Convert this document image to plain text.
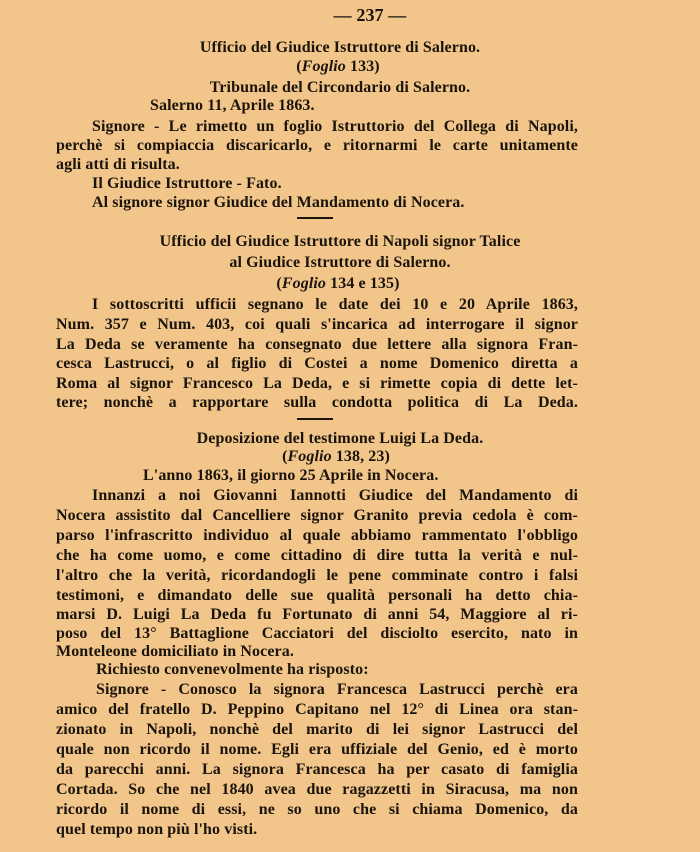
— 237 —
Ufficio del Giudice Istruttore di Salerno.
(Foglio 133)
Tribunale del Circondario di Salerno.
Salerno 11, Aprile 1863.
Signore - Le rimetto un foglio Istruttorio del Collega di Napoli,
perchè si compiaccia discaricarlo, e ritornarmi le carte unitamente
agli atti di risulta.
Il Giudice Istruttore - Fato.
Al signore signor Giudice del Mandamento di Nocera.
Ufficio del Giudice Istruttore di Napoli signor Talice
al Giudice Istruttore di Salerno.
(Foglio 134 e 135)
I sottoscritti ufficii segnano le date dei 10 e 20 Aprile 1863,
Num. 357 e Num. 403, coi quali s'incarica ad interrogare il signor
La Deda se veramente ha consegnato due lettere alla signora Fran-
cesca Lastrucci, o al figlio di Costei a nome Domenico diretta a
Roma al signor Francesco La Deda, e si rimette copia di dette let-
tere; nonchè a rapportare sulla condotta politica di La Deda.
Deposizione del testimone Luigi La Deda.
(Foglio 138, 23)
L'anno 1863, il giorno 25 Aprile in Nocera.
Innanzi a noi Giovanni Iannotti Giudice del Mandamento di
Nocera assistito dal Cancelliere signor Granito previa cedola è com-
parso l'infrascritto individuo al quale abbiamo rammentato l'obbligo
che ha come uomo, e come cittadino di dire tutta la verità e nul-
l'altro che la verità, ricordandogli le pene comminate contro i falsi
testimoni, e dimandato delle sue qualità personali ha detto chia-
marsi D. Luigi La Deda fu Fortunato di anni 54, Maggiore al ri-
poso del 13° Battaglione Cacciatori del disciolto esercito, nato in
Monteleone domiciliato in Nocera.
Richiesto convenevolmente ha risposto:
Signore - Conosco la signora Francesca Lastrucci perchè era
amico del fratello D. Peppino Capitano nel 12° di Linea ora stan-
zionato in Napoli, nonchè del marito di lei signor Lastrucci del
quale non ricordo il nome. Egli era uffiziale del Genio, ed è morto
da parecchi anni. La signora Francesca ha per casato di famiglia
Cortada. So che nel 1840 avea due ragazzetti in Siracusa, ma non
ricordo il nome di essi, ne so uno che si chiama Domenico, da
quel tempo non più l'ho visti.
